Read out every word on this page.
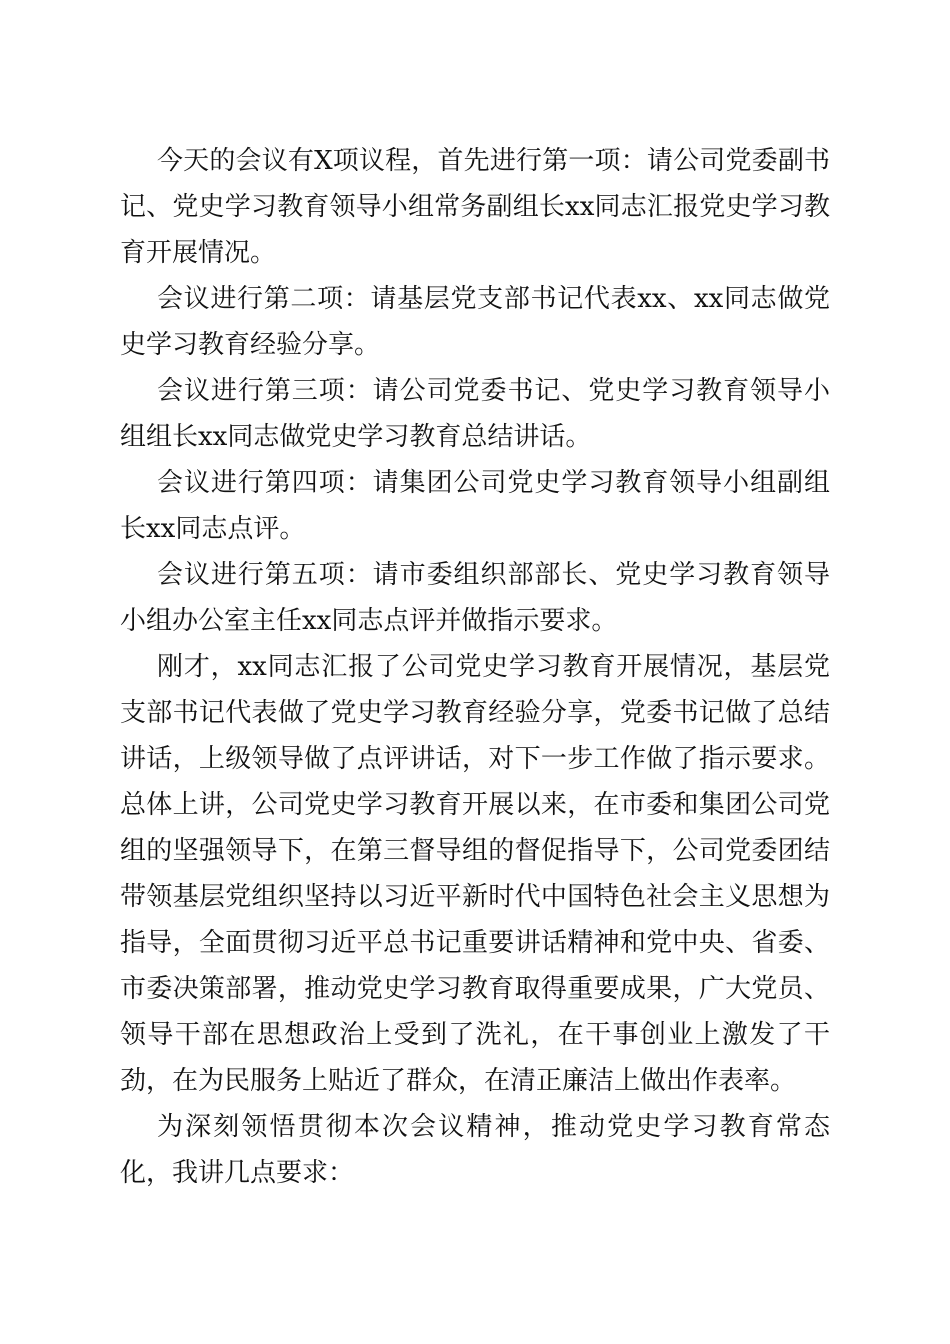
今天的会议有X项议程，首先进行第一项：请公司党委副书记、党史学习教育领导小组常务副组长xx同志汇报党史学习教育开展情况。

会议进行第二项：请基层党支部书记代表xx、xx同志做党史学习教育经验分享。

会议进行第三项：请公司党委书记、党史学习教育领导小组组长xx同志做党史学习教育总结讲话。

会议进行第四项：请集团公司党史学习教育领导小组副组长xx同志点评。

会议进行第五项：请市委组织部部长、党史学习教育领导小组办公室主任xx同志点评并做指示要求。

刚才，xx同志汇报了公司党史学习教育开展情况，基层党支部书记代表做了党史学习教育经验分享，党委书记做了总结讲话，上级领导做了点评讲话，对下一步工作做了指示要求。总体上讲，公司党史学习教育开展以来，在市委和集团公司党组的坚强领导下，在第三督导组的督促指导下，公司党委团结带领基层党组织坚持以习近平新时代中国特色社会主义思想为指导，全面贯彻习近平总书记重要讲话精神和党中央、省委、市委决策部署，推动党史学习教育取得重要成果，广大党员、领导干部在思想政治上受到了洗礼，在干事创业上激发了干劲，在为民服务上贴近了群众，在清正廉洁上做出作表率。

为深刻领悟贯彻本次会议精神，推动党史学习教育常态化，我讲几点要求：
